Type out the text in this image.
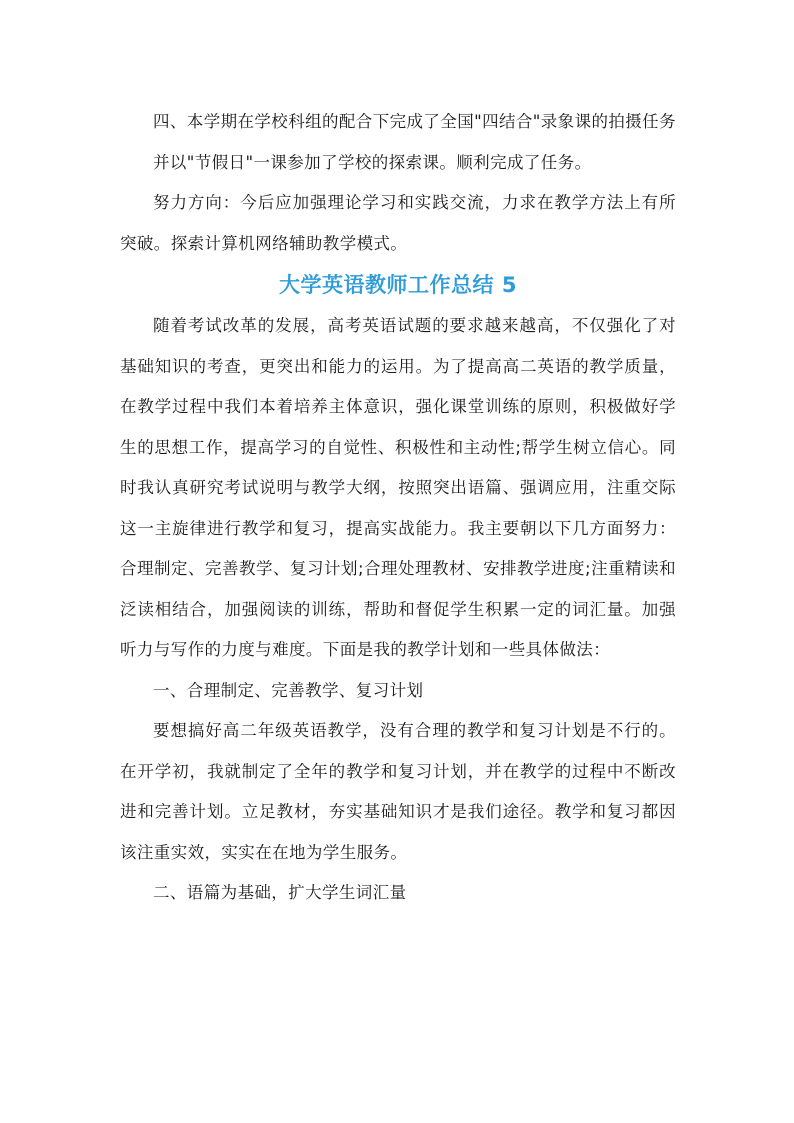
四、本学期在学校科组的配合下完成了全国"四结合"录象课的拍摄任务

并以"节假日"一课参加了学校的探索课。顺利完成了任务。

努力方向：今后应加强理论学习和实践交流，力求在教学方法上有所突破。探索计算机网络辅助教学模式。

大学英语教师工作总结 5

随着考试改革的发展，高考英语试题的要求越来越高，不仅强化了对基础知识的考查，更突出和能力的运用。为了提高高二英语的教学质量，在教学过程中我们本着培养主体意识，强化课堂训练的原则，积极做好学生的思想工作，提高学习的自觉性、积极性和主动性;帮学生树立信心。同时我认真研究考试说明与教学大纲，按照突出语篇、强调应用，注重交际这一主旋律进行教学和复习，提高实战能力。我主要朝以下几方面努力：合理制定、完善教学、复习计划;合理处理教材、安排教学进度;注重精读和泛读相结合，加强阅读的训练，帮助和督促学生积累一定的词汇量。加强听力与写作的力度与难度。下面是我的教学计划和一些具体做法：

一、合理制定、完善教学、复习计划

要想搞好高二年级英语教学，没有合理的教学和复习计划是不行的。在开学初，我就制定了全年的教学和复习计划，并在教学的过程中不断改进和完善计划。立足教材，夯实基础知识才是我们途径。教学和复习都因该注重实效，实实在在地为学生服务。

二、语篇为基础，扩大学生词汇量
